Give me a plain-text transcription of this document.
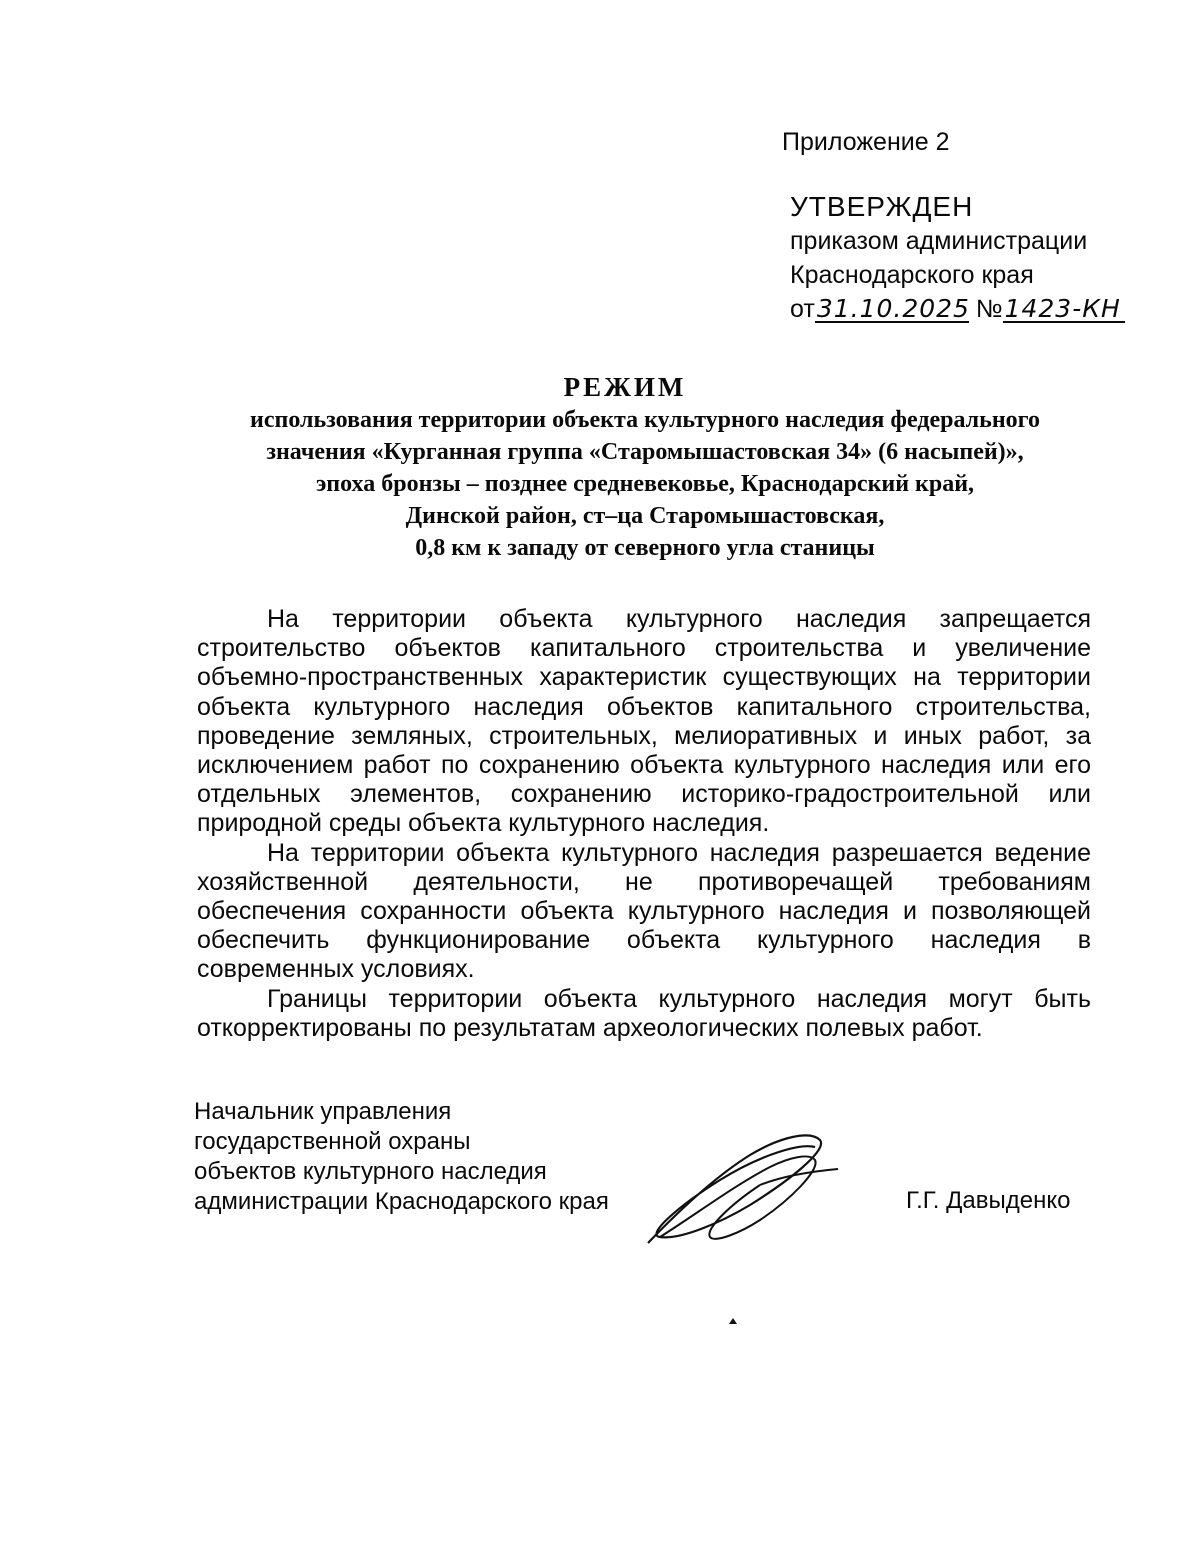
Приложение 2
УТВЕРЖДЕН
приказом администрации
Краснодарского края
от31.10.2025 №1423-КН
РЕЖИМ
использования территории объекта культурного наследия федерального
значения «Курганная группа «Старомышастовская 34» (6 насыпей)»,
эпоха бронзы – позднее средневековье, Краснодарский край,
Динской район, ст–ца Старомышастовская,
0,8 км к западу от северного угла станицы

На территории объекта культурного наследия запрещается строительство объектов капитального строительства и увеличение объемно-пространственных характеристик существующих на территории объекта культурного наследия объектов капитального строительства, проведение земляных, строительных, мелиоративных и иных работ, за исключением работ по сохранению объекта культурного наследия или его отдельных элементов, сохранению историко-градостроительной или природной среды объекта культурного наследия.

На территории объекта культурного наследия разрешается ведение хозяйственной деятельности, не противоречащей требованиям обеспечения сохранности объекта культурного наследия и позволяющей обеспечить функционирование объекта культурного наследия в современных условиях.

Границы территории объекта культурного наследия могут быть откорректированы по результатам археологических полевых работ.

Начальник управления
государственной охраны
объектов культурного наследия
администрации Краснодарского края	Г.Г. Давыденко
